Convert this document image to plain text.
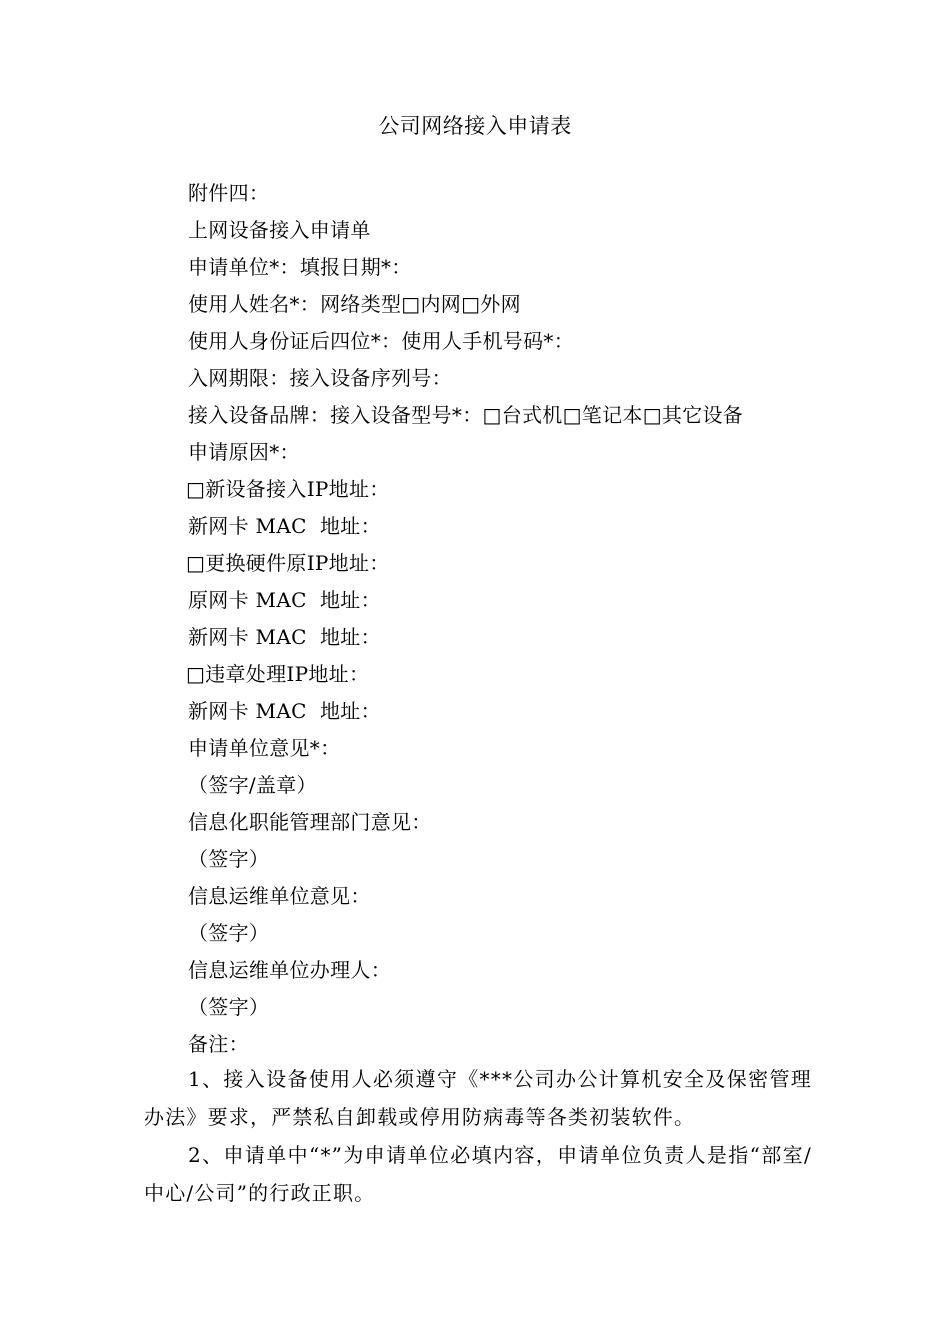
公司网络接入申请表
附件四：
上网设备接入申请单
申请单位*：填报日期*：
使用人姓名*：网络类型□内网□外网
使用人身份证后四位*：使用人手机号码*：
入网期限：接入设备序列号：
接入设备品牌：接入设备型号*：□台式机□笔记本□其它设备
申请原因*：
□新设备接入IP地址：
新网卡 MAC  地址：
□更换硬件原IP地址：
原网卡 MAC  地址：
新网卡 MAC  地址：
□违章处理IP地址：
新网卡 MAC  地址：
申请单位意见*：
（签字/盖章）
信息化职能管理部门意见：
（签字）
信息运维单位意见：
（签字）
信息运维单位办理人：
（签字）
备注：

1、接入设备使用人必须遵守《***公司办公计算机安全及保密管理办法》要求，严禁私自卸载或停用防病毒等各类初装软件。

2、申请单中“*”为申请单位必填内容，申请单位负责人是指“部室/中心/公司”的行政正职。
